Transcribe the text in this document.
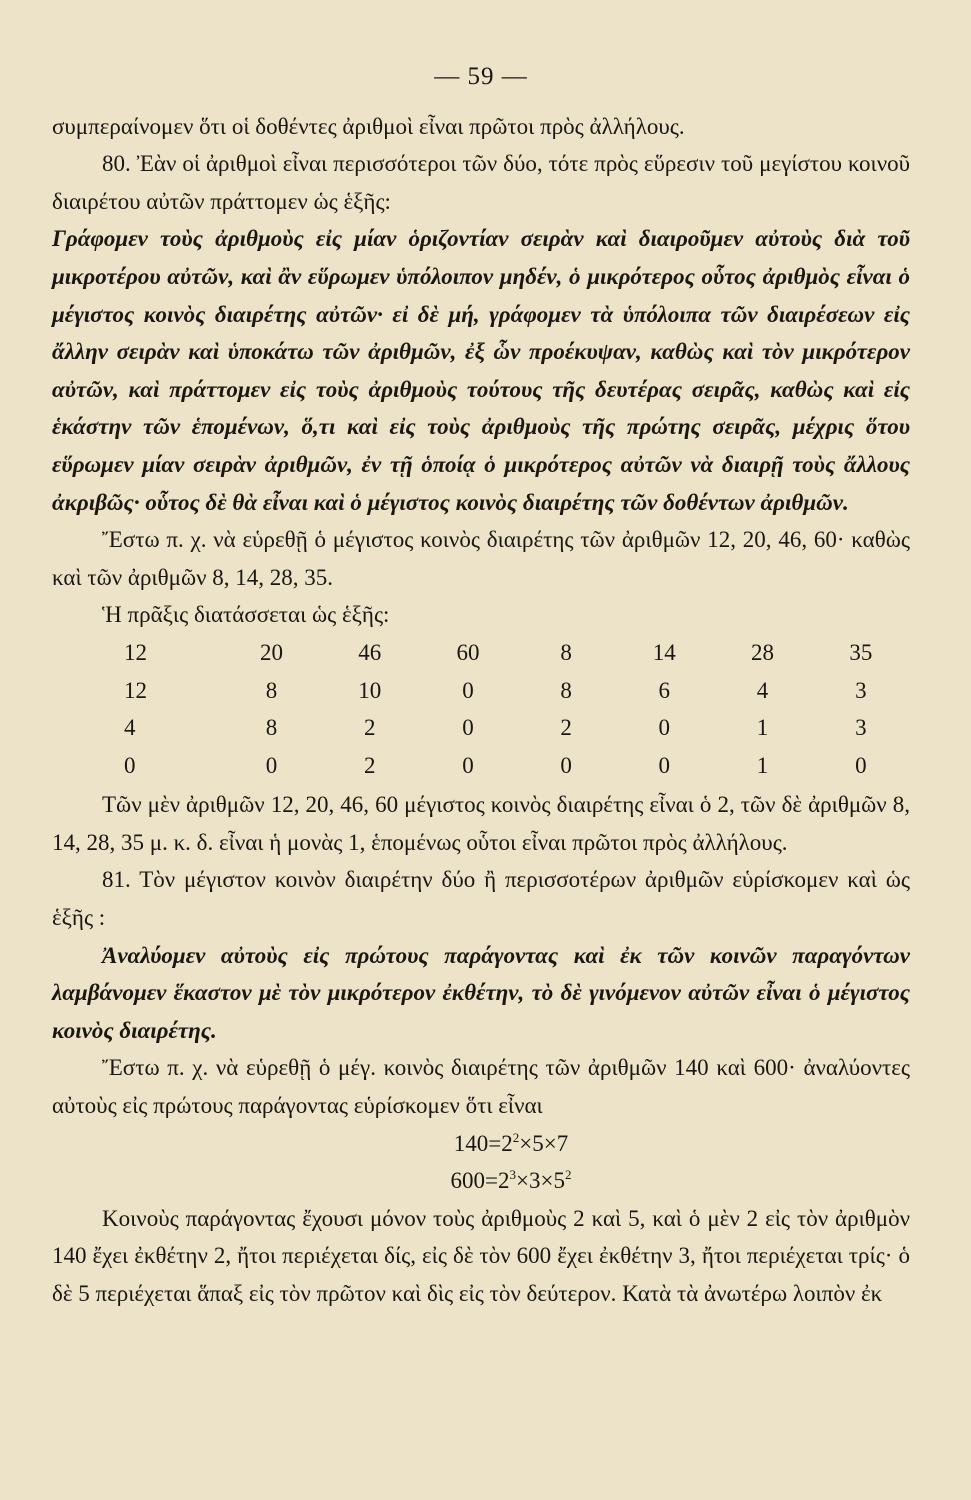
— 59 —

συμπεραίνομεν ὅτι οἱ δοθέντες ἀριθμοὶ εἶναι πρῶτοι πρὸς ἀλλήλους.

80. Ἐὰν οἱ ἀριθμοὶ εἶναι περισσότεροι τῶν δύο, τότε πρὸς εὕρεσιν τοῦ μεγίστου κοινοῦ διαιρέτου αὐτῶν πράττομεν ὡς ἑξῆς:

Γράφομεν τοὺς ἀριθμοὺς εἰς μίαν ὁριζοντίαν σειρὰν καὶ διαιροῦμεν αὐτοὺς διὰ τοῦ μικροτέρου αὐτῶν, καὶ ἂν εὕρωμεν ὑπόλοιπον μηδέν, ὁ μικρότερος οὗτος ἀριθμὸς εἶναι ὁ μέγιστος κοινὸς διαιρέτης αὐτῶν· εἰ δὲ μή, γράφομεν τὰ ὑπόλοιπα τῶν διαιρέσεων εἰς ἄλλην σειρὰν καὶ ὑποκάτω τῶν ἀριθμῶν, ἐξ ὧν προέκυψαν, καθὼς καὶ τὸν μικρότερον αὐτῶν, καὶ πράττομεν εἰς τοὺς ἀριθμοὺς τούτους τῆς δευτέρας σειρᾶς, καθὼς καὶ εἰς ἑκάστην τῶν ἑπομένων, ὅ,τι καὶ εἰς τοὺς ἀριθμοὺς τῆς πρώτης σειρᾶς, μέχρις ὅτου εὕρωμεν μίαν σειρὰν ἀριθμῶν, ἐν τῇ ὁποίᾳ ὁ μικρότερος αὐτῶν νὰ διαιρῇ τοὺς ἄλλους ἀκριβῶς· οὗτος δὲ θὰ εἶναι καὶ ὁ μέγιστος κοινὸς διαιρέτης τῶν δοθέντων ἀριθμῶν.

Ἔστω π. χ. νὰ εὑρεθῇ ὁ μέγιστος κοινὸς διαιρέτης τῶν ἀριθμῶν 12, 20, 46, 60· καθὼς καὶ τῶν ἀριθμῶν 8, 14, 28, 35.

Ἡ πρᾶξις διατάσσεται ὡς ἑξῆς:

12	20	46	60	8	14	28	35
12	8	10	0	8	6	4	3
4	8	2	0	2	0	1	3
0	0	2	0	0	0	1	0

Τῶν μὲν ἀριθμῶν 12, 20, 46, 60 μέγιστος κοινὸς διαιρέτης εἶναι ὁ 2, τῶν δὲ ἀριθμῶν 8, 14, 28, 35 μ. κ. δ. εἶναι ἡ μονὰς 1, ἑπομένως οὗτοι εἶναι πρῶτοι πρὸς ἀλλήλους.

81. Τὸν μέγιστον κοινὸν διαιρέτην δύο ἢ περισσοτέρων ἀριθμῶν εὑρίσκομεν καὶ ὡς ἑξῆς :

Ἀναλύομεν αὐτοὺς εἰς πρώτους παράγοντας καὶ ἐκ τῶν κοινῶν παραγόντων λαμβάνομεν ἕκαστον μὲ τὸν μικρότερον ἐκθέτην, τὸ δὲ γινόμενον αὐτῶν εἶναι ὁ μέγιστος κοινὸς διαιρέτης.

Ἔστω π. χ. νὰ εὑρεθῇ ὁ μέγ. κοινὸς διαιρέτης τῶν ἀριθμῶν 140 καὶ 600· ἀναλύοντες αὐτοὺς εἰς πρώτους παράγοντας εὑρίσκομεν ὅτι εἶναι

$140=2^2\times 5\times 7$
$600=2^3\times 3\times 5^2$

Κοινοὺς παράγοντας ἔχουσι μόνον τοὺς ἀριθμοὺς 2 καὶ 5, καὶ ὁ μὲν 2 εἰς τὸν ἀριθμὸν 140 ἔχει ἐκθέτην 2, ἤτοι περιέχεται δίς, εἰς δὲ τὸν 600 ἔχει ἐκθέτην 3, ἤτοι περιέχεται τρίς· ὁ δὲ 5 περιέχεται ἅπαξ εἰς τὸν πρῶτον καὶ δὶς εἰς τὸν δεύτερον. Κατὰ τὰ ἀνωτέρω λοιπὸν ἐκ
